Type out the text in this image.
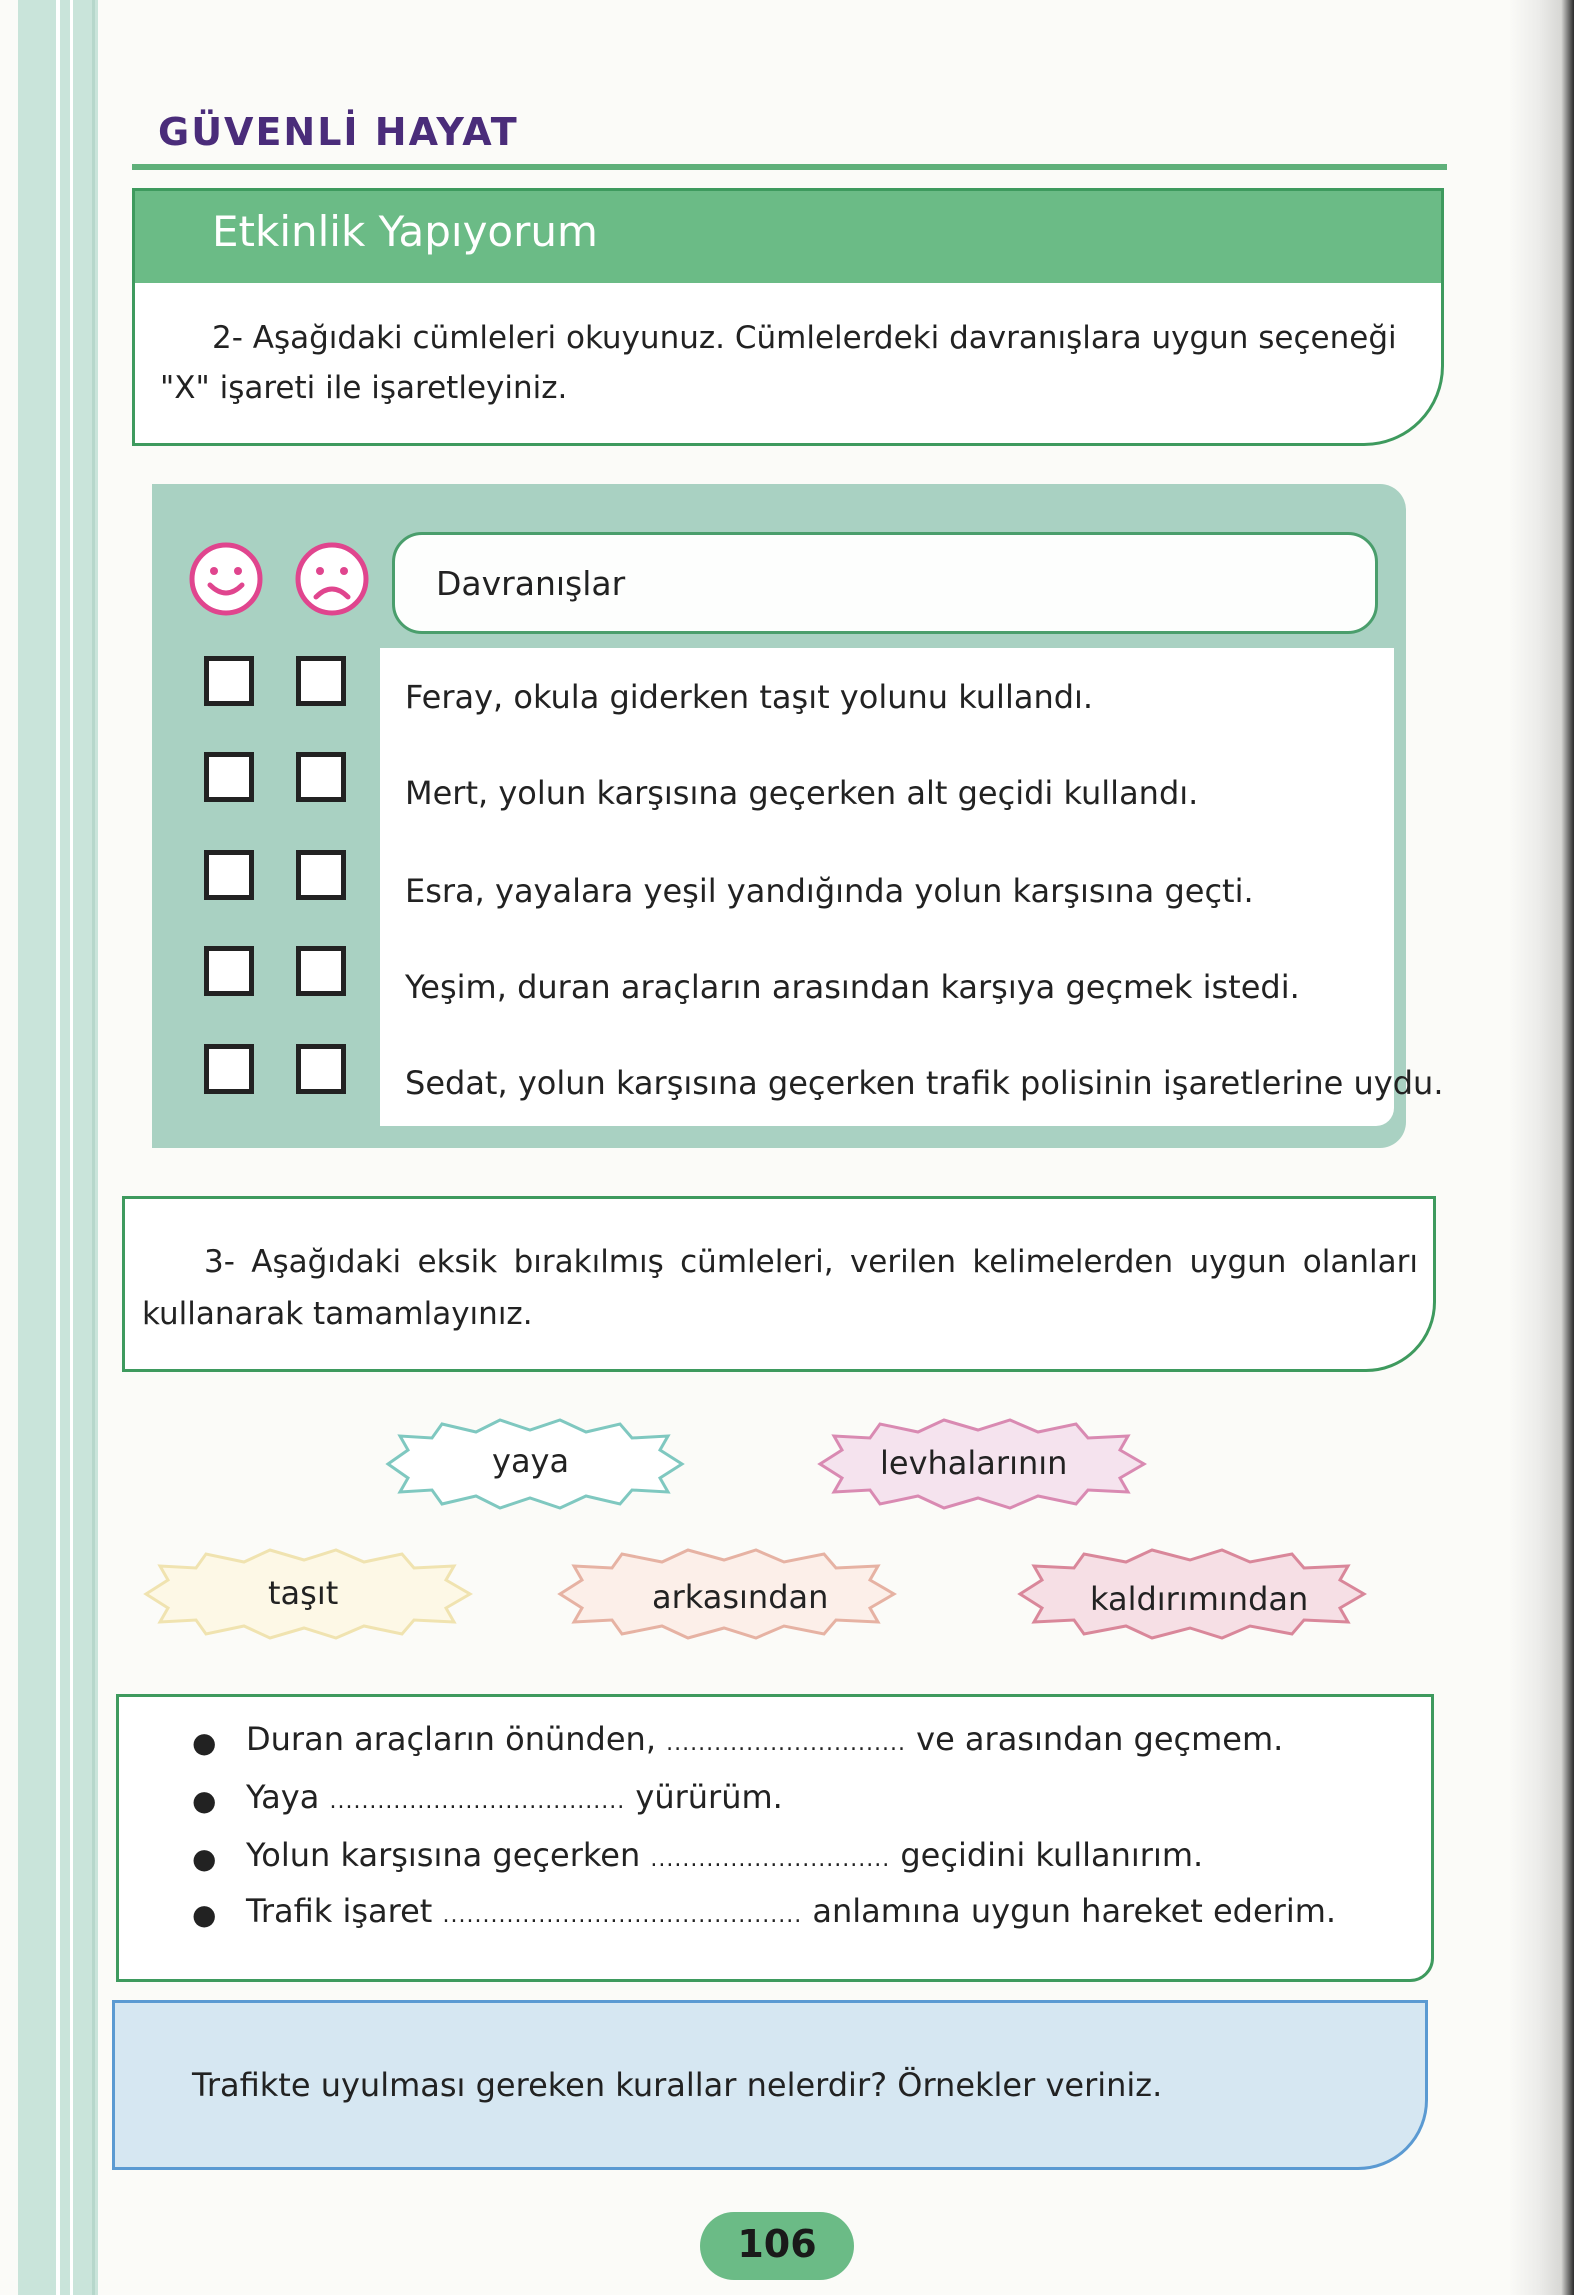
GÜVENLİ HAYAT
Etkinlik Yapıyorum
2- Aşağıdaki cümleleri okuyunuz. Cümlelerdeki davranışlara uygun seçeneği "X" işareti ile işaretleyiniz.
Davranışlar
Feray, okula giderken taşıt yolunu kullandı.
Mert, yolun karşısına geçerken alt geçidi kullandı.
Esra, yayalara yeşil yandığında yolun karşısına geçti.
Yeşim, duran araçların arasından karşıya geçmek istedi.
Sedat, yolun karşısına geçerken trafik polisinin işaretlerine uydu.
3- Aşağıdaki eksik bırakılmış cümleleri, verilen kelimelerden uygun olanları kullanarak tamamlayınız.
yaya	levhalarının
taşıt	arkasından	kaldırımından
● Duran araçların önünden, .............................. ve arasından geçmem.
● Yaya ..................................... yürürüm.
● Yolun karşısına geçerken .............................. geçidini kullanırım.
● Trafik işaret ............................................. anlamına uygun hareket ederim.
Trafikte uyulması gereken kurallar nelerdir? Örnekler veriniz.
106
